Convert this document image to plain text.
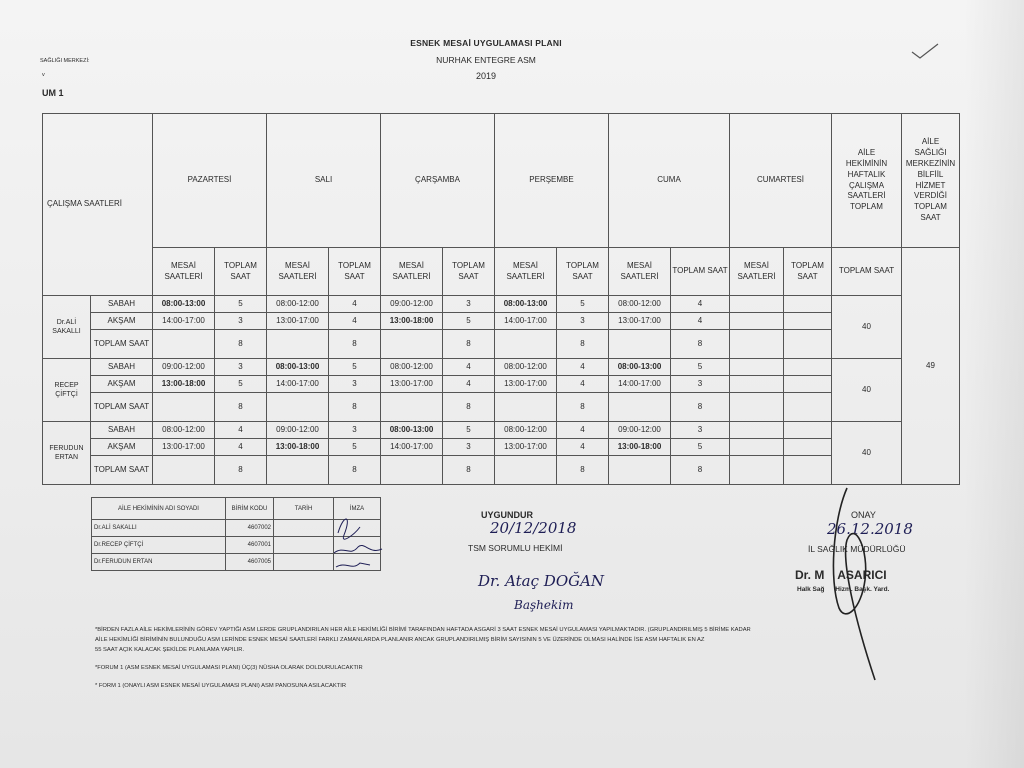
ESNEK MESAİ UYGULAMASI PLANI
NURHAK ENTEGRE ASM
2019
SAĞLIĞI MERKEZİ:
v
UM 1
ÇALIŞMA SAATLERİ		PAZARTESİ		SALI		ÇARŞAMBA		PERŞEMBE		CUMA		CUMARTESİ		AİLE HEKİMİNİN HAFTALIK ÇALIŞMA SAATLERİ TOPLAM	AİLE SAĞLIĞI MERKEZİNİN BİLFİİL HİZMET VERDİĞİ TOPLAM SAAT
		MESAİ SAATLERİ	TOPLAM SAAT	MESAİ SAATLERİ	TOPLAM SAAT	MESAİ SAATLERİ	TOPLAM SAAT	MESAİ SAATLERİ	TOPLAM SAAT	MESAİ SAATLERİ	TOPLAM SAAT	MESAİ SAATLERİ	TOPLAM SAAT	TOPLAM SAAT	49
Dr.ALİ SAKALLI	SABAH	08:00-13:00	5	08:00-12:00	4	09:00-12:00	3	08:00-13:00	5	08:00-12:00	4			40	
	AKŞAM	14:00-17:00	3	13:00-17:00	4	13:00-18:00	5	14:00-17:00	3	13:00-17:00	4				
	TOPLAM SAAT		8		8		8		8		8				
RECEP ÇİFTÇİ	SABAH	09:00-12:00	3	08:00-13:00	5	08:00-12:00	4	08:00-12:00	4	08:00-13:00	5			40	
	AKŞAM	13:00-18:00	5	14:00-17:00	3	13:00-17:00	4	13:00-17:00	4	14:00-17:00	3				
	TOPLAM SAAT		8		8		8		8		8				
FERUDUN ERTAN	SABAH	08:00-12:00	4	09:00-12:00	3	08:00-13:00	5	08:00-12:00	4	09:00-12:00	3			40	
	AKŞAM	13:00-17:00	4	13:00-18:00	5	14:00-17:00	3	13:00-17:00	4	13:00-18:00	5				
	TOPLAM SAAT		8		8		8		8		8				
AİLE HEKİMİNİN ADI SOYADI	BİRİM KODU	TARİH	İMZA
Dr.ALİ SAKALLI	4607002		
Dr.RECEP ÇİFTÇİ	4607001		
Dr.FERUDUN ERTAN	4607005		
UYGUNDUR
20/12/2018
TSM SORUMLU HEKİMİ
Dr. Ataç DOĞAN
Başhekim
ONAY
26.12.2018
İL SAĞLIK MÜDÜRLÜĞÜ
Dr. M    ASARICI
Halk Sağ      Hizm. Başk. Yard.
*BİRDEN FAZLA AİLE HEKİMLERİNİN GÖREV YAPTIĞI ASM LERDE GRUPLANDIRILAN HER AİLE HEKİMLİĞİ BİRİMİ TARAFINDAN HAFTADA ASGARİ 3 SAAT ESNEK MESAİ UYGULAMASI YAPILMAKTADIR. (GRUPLANDIRILMIŞ 5 BİRİME KADAR
AİLE HEKİMLİĞİ BİRİMİNİN BULUNDUĞU ASM LERİNDE ESNEK MESAİ SAATLERİ FARKLI ZAMANLARDA PLANLANIR ANCAK GRUPLANDIRILMIŞ BİRİM SAYISININ 5 VE ÜZERİNDE OLMASI HALİNDE İSE ASM HAFTALIK EN AZ
55 SAAT AÇIK KALACAK ŞEKİLDE PLANLAMA YAPILIR.
*FORUM 1 (ASM ESNEK MESAİ UYGULAMASI PLANI) ÜÇ(3) NÜSHA OLARAK DOLDURULACAKTIR
* FORM 1 (ONAYLI ASM ESNEK MESAİ UYGULAMASI PLANI) ASM PANOSUNA ASILACAKTIR
